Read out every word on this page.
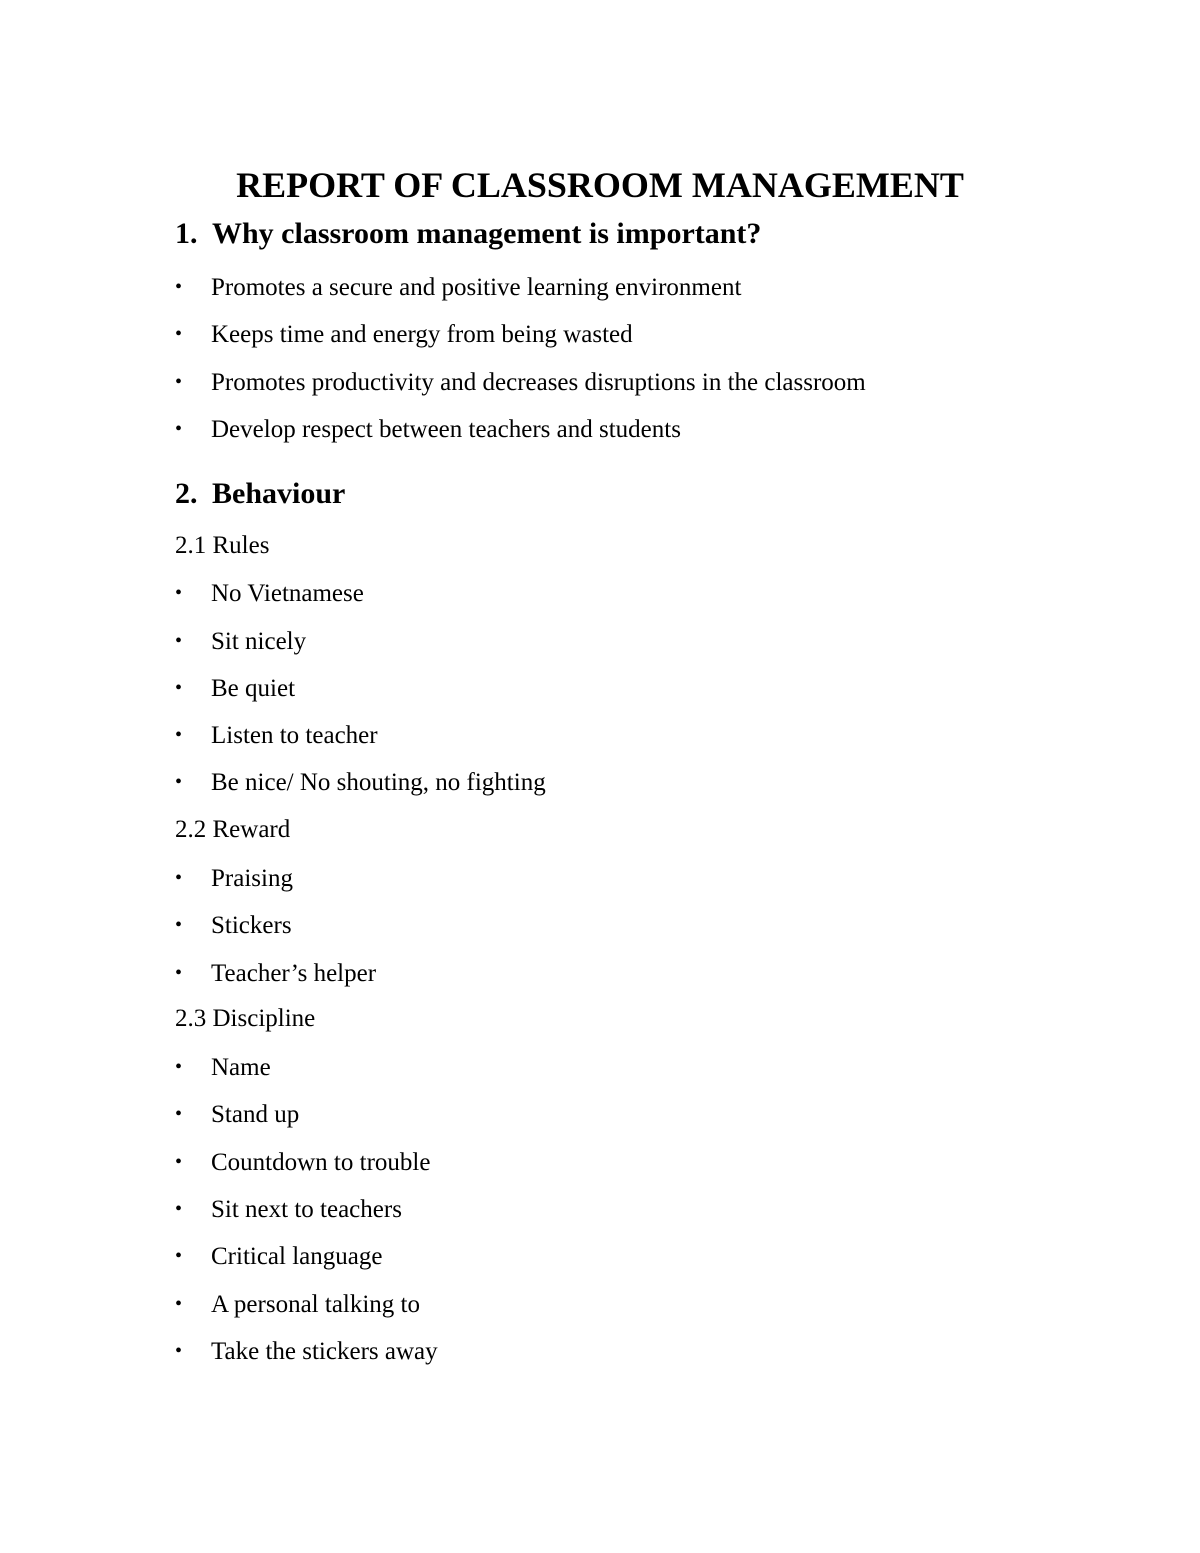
REPORT OF CLASSROOM MANAGEMENT
1. Why classroom management is important?
• Promotes a secure and positive learning environment
• Keeps time and energy from being wasted
• Promotes productivity and decreases disruptions in the classroom
• Develop respect between teachers and students
2. Behaviour
2.1 Rules
• No Vietnamese
• Sit nicely
• Be quiet
• Listen to teacher
• Be nice/ No shouting, no fighting
2.2 Reward
• Praising
• Stickers
• Teacher’s helper
2.3 Discipline
• Name
• Stand up
• Countdown to trouble
• Sit next to teachers
• Critical language
• A personal talking to
• Take the stickers away
